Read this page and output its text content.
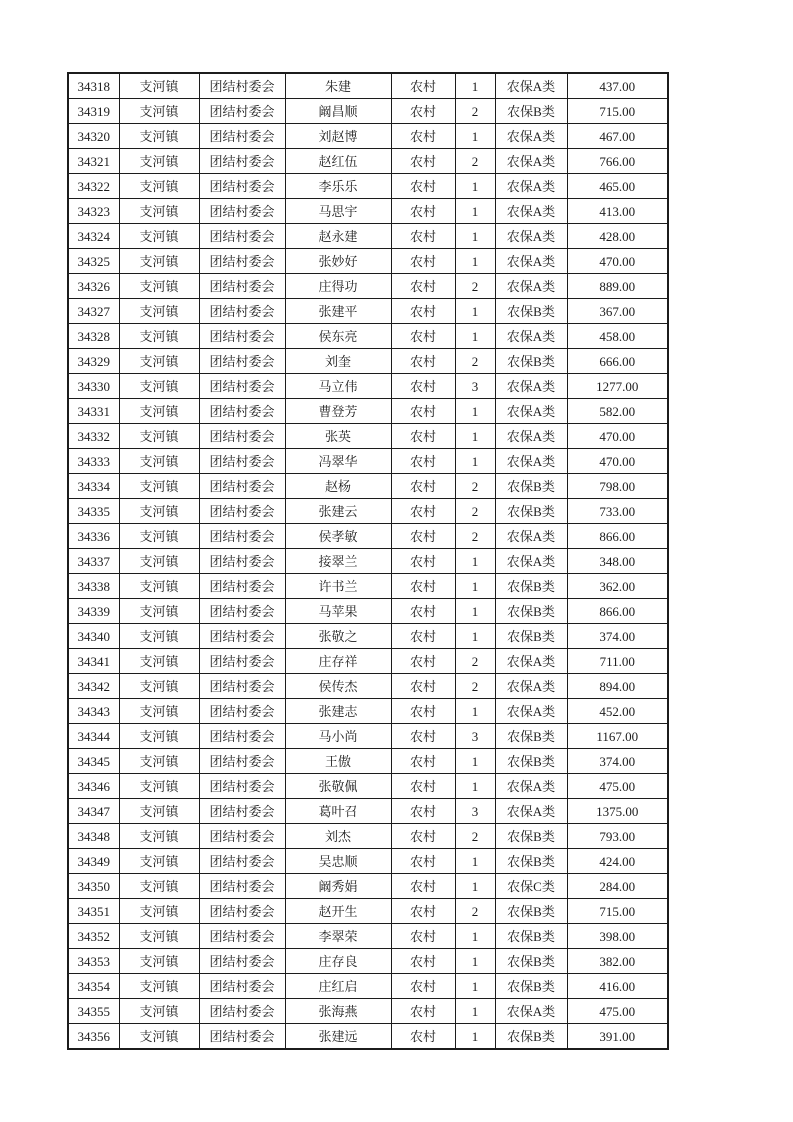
34318	支河镇	团结村委会	朱建	农村	1	农保A类	437.00
34319	支河镇	团结村委会	阚昌顺	农村	2	农保B类	715.00
34320	支河镇	团结村委会	刘赵博	农村	1	农保A类	467.00
34321	支河镇	团结村委会	赵红伍	农村	2	农保A类	766.00
34322	支河镇	团结村委会	李乐乐	农村	1	农保A类	465.00
34323	支河镇	团结村委会	马思宇	农村	1	农保A类	413.00
34324	支河镇	团结村委会	赵永建	农村	1	农保A类	428.00
34325	支河镇	团结村委会	张妙好	农村	1	农保A类	470.00
34326	支河镇	团结村委会	庄得功	农村	2	农保A类	889.00
34327	支河镇	团结村委会	张建平	农村	1	农保B类	367.00
34328	支河镇	团结村委会	侯东亮	农村	1	农保A类	458.00
34329	支河镇	团结村委会	刘奎	农村	2	农保B类	666.00
34330	支河镇	团结村委会	马立伟	农村	3	农保A类	1277.00
34331	支河镇	团结村委会	曹登芳	农村	1	农保A类	582.00
34332	支河镇	团结村委会	张英	农村	1	农保A类	470.00
34333	支河镇	团结村委会	冯翠华	农村	1	农保A类	470.00
34334	支河镇	团结村委会	赵杨	农村	2	农保B类	798.00
34335	支河镇	团结村委会	张建云	农村	2	农保B类	733.00
34336	支河镇	团结村委会	侯孝敏	农村	2	农保A类	866.00
34337	支河镇	团结村委会	接翠兰	农村	1	农保A类	348.00
34338	支河镇	团结村委会	许书兰	农村	1	农保B类	362.00
34339	支河镇	团结村委会	马苹果	农村	1	农保B类	866.00
34340	支河镇	团结村委会	张敬之	农村	1	农保B类	374.00
34341	支河镇	团结村委会	庄存祥	农村	2	农保A类	711.00
34342	支河镇	团结村委会	侯传杰	农村	2	农保A类	894.00
34343	支河镇	团结村委会	张建志	农村	1	农保A类	452.00
34344	支河镇	团结村委会	马小尚	农村	3	农保B类	1167.00
34345	支河镇	团结村委会	王傲	农村	1	农保B类	374.00
34346	支河镇	团结村委会	张敬佩	农村	1	农保A类	475.00
34347	支河镇	团结村委会	葛叶召	农村	3	农保A类	1375.00
34348	支河镇	团结村委会	刘杰	农村	2	农保B类	793.00
34349	支河镇	团结村委会	吴忠顺	农村	1	农保B类	424.00
34350	支河镇	团结村委会	阚秀娟	农村	1	农保C类	284.00
34351	支河镇	团结村委会	赵开生	农村	2	农保B类	715.00
34352	支河镇	团结村委会	李翠荣	农村	1	农保B类	398.00
34353	支河镇	团结村委会	庄存良	农村	1	农保B类	382.00
34354	支河镇	团结村委会	庄红启	农村	1	农保B类	416.00
34355	支河镇	团结村委会	张海燕	农村	1	农保A类	475.00
34356	支河镇	团结村委会	张建远	农村	1	农保B类	391.00
